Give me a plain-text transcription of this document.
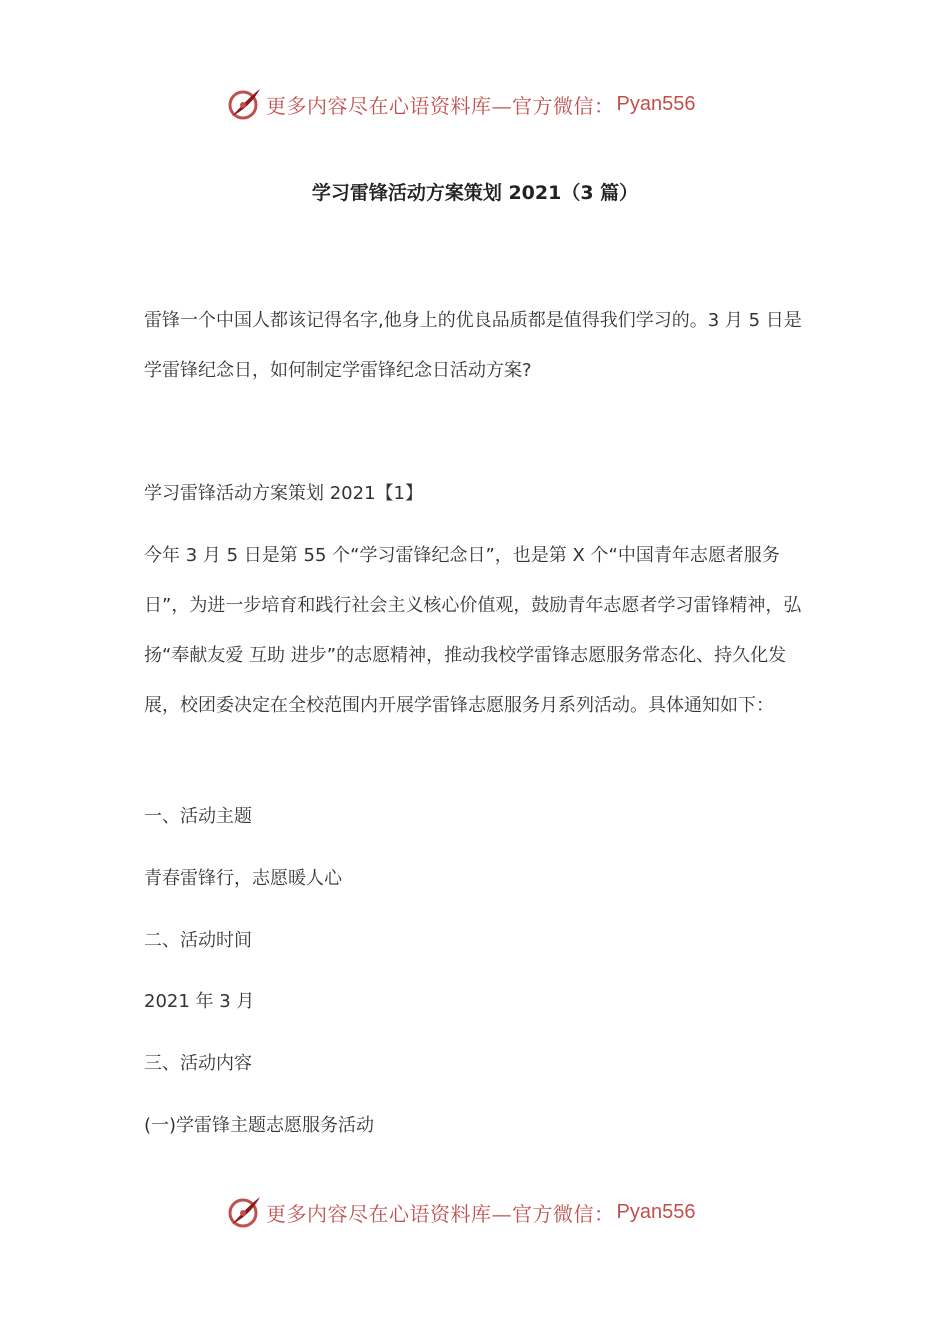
更多内容尽在心语资料库—官方微信： Pyan556
学习雷锋活动方案策划 2021（3 篇）

雷锋一个中国人都该记得名字,他身上的优良品质都是值得我们学习的。3 月 5 日是学雷锋纪念日，如何制定学雷锋纪念日活动方案?

学习雷锋活动方案策划 2021【1】

今年 3 月 5 日是第 55 个“学习雷锋纪念日”，也是第 X 个“中国青年志愿者服务日”，为进一步培育和践行社会主义核心价值观，鼓励青年志愿者学习雷锋精神，弘扬“奉献友爱 互助 进步”的志愿精神，推动我校学雷锋志愿服务常态化、持久化发展，校团委决定在全校范围内开展学雷锋志愿服务月系列活动。具体通知如下：

一、活动主题

青春雷锋行，志愿暖人心

二、活动时间

2021 年 3 月

三、活动内容

(一)学雷锋主题志愿服务活动

更多内容尽在心语资料库—官方微信： Pyan556
